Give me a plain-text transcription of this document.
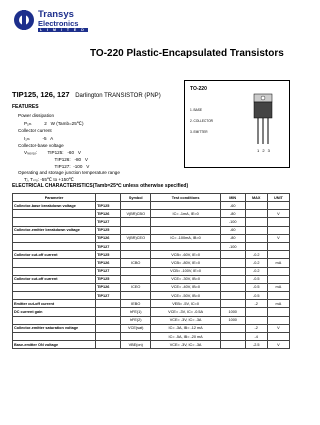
Transys
Electronics
L I M I T E D
TO-220 Plastic-Encapsulated Transistors
TIP125, 126, 127 Darlington TRANSISTOR (PNP)
FEATURES
Power dissipation
P₁ₘ          2   W (Tamb=25℃)
Collector current
I₁ₘ          -5   A
Collector-base voltage
V₍ₑₒ₎₁ₒ:        TIP125:   -60   V
TIP126:   -80   V
TIP127:  -100   V
Operating and storage junction temperature range
Tⱼ, Tₛₜₒ: -55℃ to +150℃
TO-220
1. BASE
2. COLLECTOR
3. EMITTER
1 2 3
ELECTRICAL CHARACTERISTICS(Tamb=25℃ unless otherwise specified)
Parameter		Symbol	Test conditions	MIN	MAX	UNIT
Collector-base breakdown voltage	TIP125			-60		
	TIP126	V(BR)CBO	IC= -1mA, IE=0	-80		V
	TIP127			-100		
Collector-emitter breakdown voltage	TIP125			-60		
	TIP126	V(BR)CEO	IC= -100mA, IB=0	-80		V
	TIP127			-100		
Collector cut-off current	TIP125		VCB= -60V, IE=0		-0.2	
	TIP126	ICBO	VCB= -80V, IE=0		-0.2	mA
	TIP127		VCB= -100V, IE=0		-0.2	
Collector cut-off current	TIP125		VCE= -30V, IB=0		-0.5	
	TIP126	ICEO	VCE= -40V, IB=0		-0.5	mA
	TIP127		VCE= -50V, IB=0		-0.5	
Emitter cut-off current		IEBO	VEB= -5V, IC=0		-2	mA
DC current gain		hFE(1)	VCE= -3V, IC= -0.5A	1000		
		hFE(2)	VCE= -3V, IC= -3A	1000		
Collector-emitter saturation voltage		VCE(sat)	IC= -3A, IB= -12 mA		-2	V
			IC= -5A, IB= -20 mA		-4	
Base-emitter ON voltage		VBE(on)	VCE= -3V, IC= -3A		-2.5	V
